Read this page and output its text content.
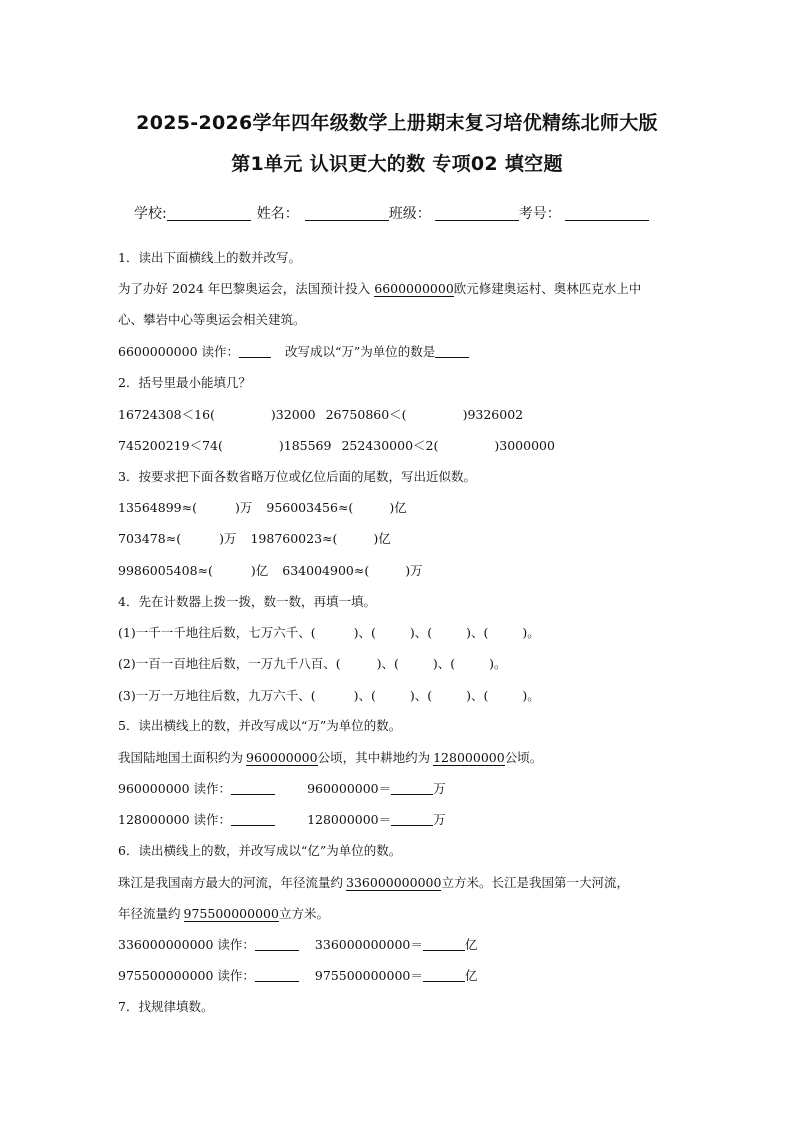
2025-2026学年四年级数学上册期末复习培优精练北师大版
第1单元 认识更大的数 专项02 填空题
学校:	姓名：	班级：	考号：
1．读出下面横线上的数并改写。
为了办好 2024 年巴黎奥运会，法国预计投入 6600000000欧元修建奥运村、奥林匹克水上中
心、攀岩中心等奥运会相关建筑。
6600000000 读作：	改写成以“万”为单位的数是
2．括号里最小能填几？
16724308＜16(	)32000 26750860＜(	)9326002
745200219＜74(	)185569 252430000＜2(	)3000000
3．按要求把下面各数省略万位或亿位后面的尾数，写出近似数。
13564899≈(	)万 956003456≈(	)亿
703478≈(	)万 198760023≈(	)亿
9986005408≈(	)亿 634004900≈(	)万
4．先在计数器上拨一拨，数一数，再填一填。
(1)一千一千地往后数，七万六千、(	)、(	)、(	)、(	)。
(2)一百一百地往后数，一万九千八百、(	)、(	)、(	)。
(3)一万一万地往后数，九万六千、(	)、(	)、(	)、(	)。
5．读出横线上的数，并改写成以“万”为单位的数。
我国陆地国土面积约为 960000000公顷，其中耕地约为 128000000公顷。
960000000 读作：	960000000＝	万
128000000 读作：	128000000＝	万
6．读出横线上的数，并改写成以“亿”为单位的数。
珠江是我国南方最大的河流，年径流量约 336000000000立方米。长江是我国第一大河流，
年径流量约 975500000000立方米。
336000000000 读作：	336000000000＝	亿
975500000000 读作：	975500000000＝	亿
7．找规律填数。
